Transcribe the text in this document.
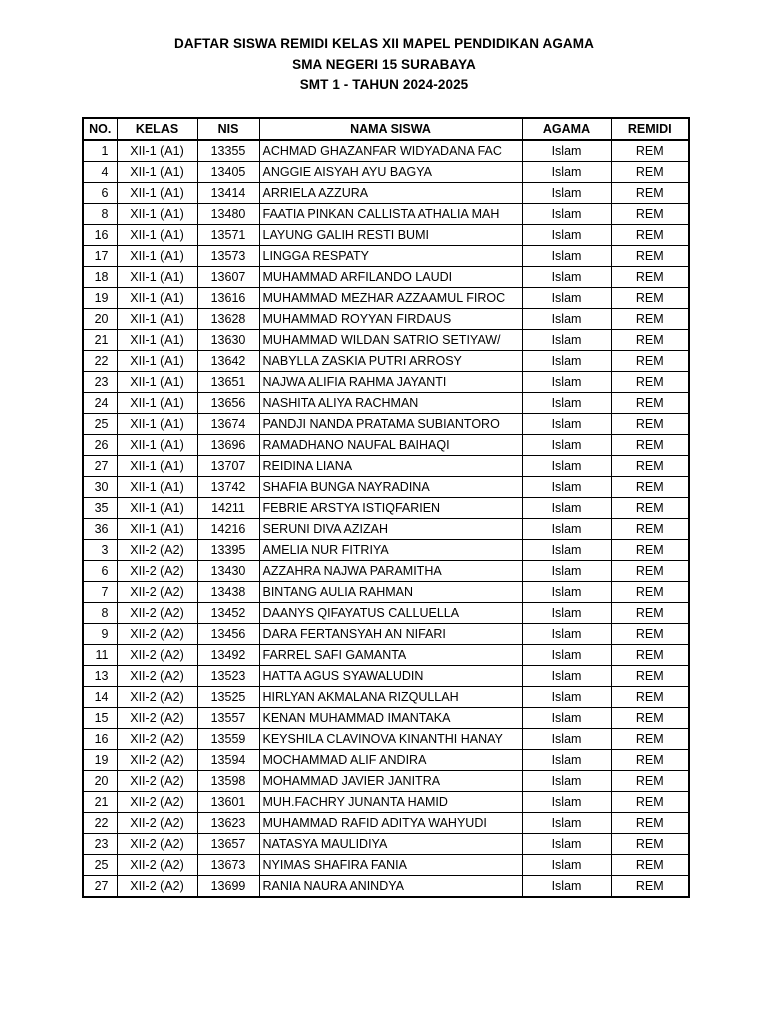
DAFTAR SISWA REMIDI KELAS XII MAPEL PENDIDIKAN AGAMA
SMA NEGERI 15 SURABAYA
SMT 1 - TAHUN 2024-2025
NO.	KELAS	NIS	NAMA SISWA	AGAMA	REMIDI
1	XII-1 (A1)	13355	ACHMAD GHAZANFAR WIDYADANA FAC	Islam	REM
4	XII-1 (A1)	13405	ANGGIE AISYAH AYU BAGYA	Islam	REM
6	XII-1 (A1)	13414	ARRIELA AZZURA	Islam	REM
8	XII-1 (A1)	13480	FAATIA PINKAN CALLISTA ATHALIA MAH	Islam	REM
16	XII-1 (A1)	13571	LAYUNG GALIH RESTI BUMI	Islam	REM
17	XII-1 (A1)	13573	LINGGA RESPATY	Islam	REM
18	XII-1 (A1)	13607	MUHAMMAD ARFILANDO LAUDI	Islam	REM
19	XII-1 (A1)	13616	MUHAMMAD MEZHAR AZZAAMUL FIROC	Islam	REM
20	XII-1 (A1)	13628	MUHAMMAD ROYYAN FIRDAUS	Islam	REM
21	XII-1 (A1)	13630	MUHAMMAD WILDAN SATRIO SETIYAW/	Islam	REM
22	XII-1 (A1)	13642	NABYLLA ZASKIA PUTRI ARROSY	Islam	REM
23	XII-1 (A1)	13651	NAJWA ALIFIA RAHMA JAYANTI	Islam	REM
24	XII-1 (A1)	13656	NASHITA ALIYA RACHMAN	Islam	REM
25	XII-1 (A1)	13674	PANDJI NANDA PRATAMA SUBIANTORO	Islam	REM
26	XII-1 (A1)	13696	RAMADHANO NAUFAL BAIHAQI	Islam	REM
27	XII-1 (A1)	13707	REIDINA LIANA	Islam	REM
30	XII-1 (A1)	13742	SHAFIA BUNGA NAYRADINA	Islam	REM
35	XII-1 (A1)	14211	FEBRIE ARSTYA ISTIQFARIEN	Islam	REM
36	XII-1 (A1)	14216	SERUNI DIVA AZIZAH	Islam	REM
3	XII-2 (A2)	13395	AMELIA NUR FITRIYA	Islam	REM
6	XII-2 (A2)	13430	AZZAHRA NAJWA PARAMITHA	Islam	REM
7	XII-2 (A2)	13438	BINTANG AULIA RAHMAN	Islam	REM
8	XII-2 (A2)	13452	DAANYS QIFAYATUS CALLUELLA	Islam	REM
9	XII-2 (A2)	13456	DARA FERTANSYAH AN NIFARI	Islam	REM
11	XII-2 (A2)	13492	FARREL SAFI GAMANTA	Islam	REM
13	XII-2 (A2)	13523	HATTA AGUS SYAWALUDIN	Islam	REM
14	XII-2 (A2)	13525	HIRLYAN AKMALANA RIZQULLAH	Islam	REM
15	XII-2 (A2)	13557	KENAN MUHAMMAD IMANTAKA	Islam	REM
16	XII-2 (A2)	13559	KEYSHILA CLAVINOVA KINANTHI HANAY	Islam	REM
19	XII-2 (A2)	13594	MOCHAMMAD ALIF ANDIRA	Islam	REM
20	XII-2 (A2)	13598	MOHAMMAD JAVIER JANITRA	Islam	REM
21	XII-2 (A2)	13601	MUH.FACHRY JUNANTA HAMID	Islam	REM
22	XII-2 (A2)	13623	MUHAMMAD RAFID ADITYA WAHYUDI	Islam	REM
23	XII-2 (A2)	13657	NATASYA MAULIDIYA	Islam	REM
25	XII-2 (A2)	13673	NYIMAS SHAFIRA FANIA	Islam	REM
27	XII-2 (A2)	13699	RANIA NAURA ANINDYA	Islam	REM
